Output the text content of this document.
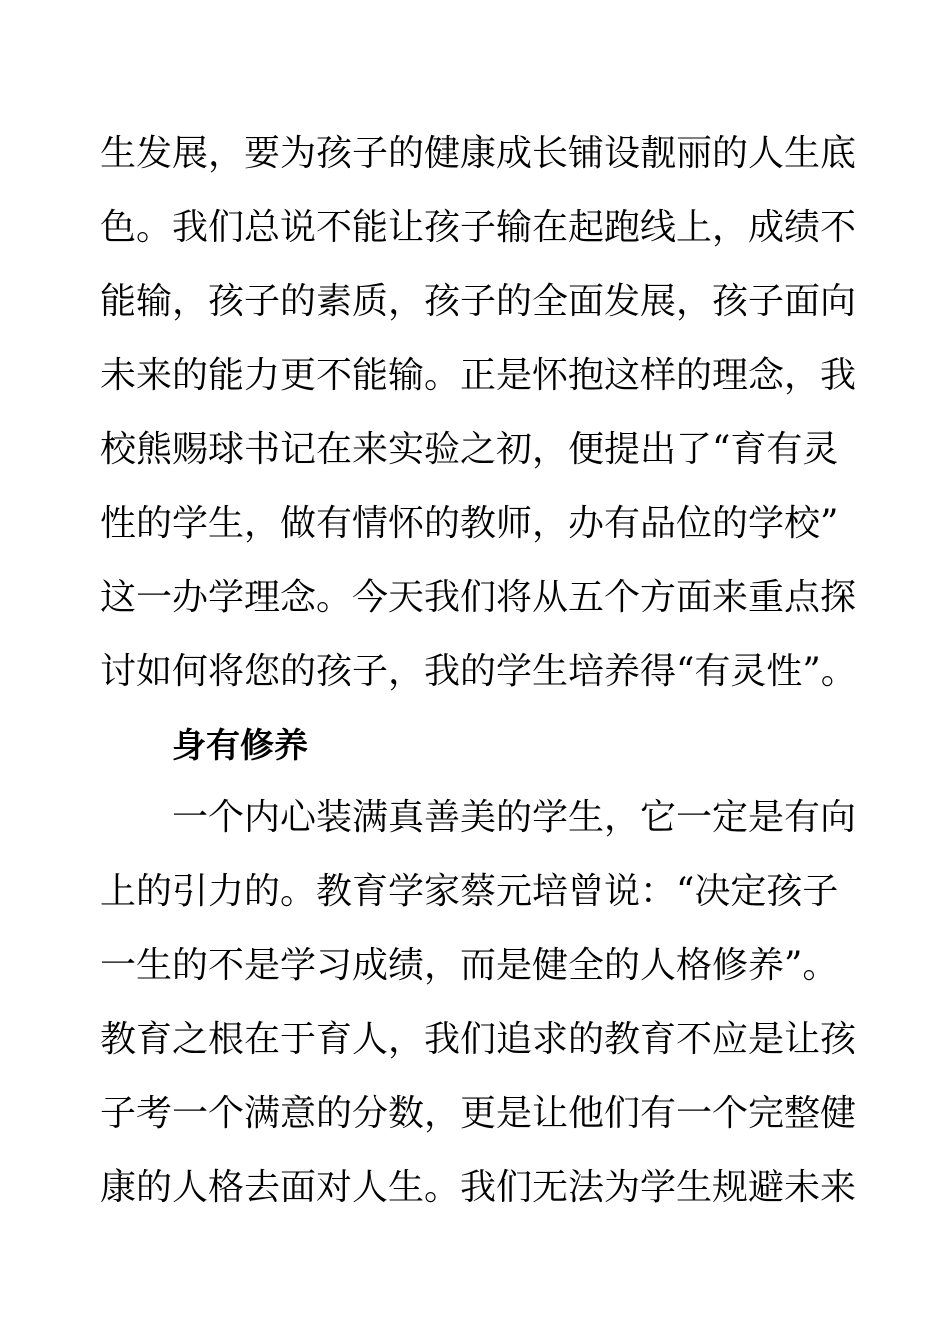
生发展，要为孩子的健康成长铺设靓丽的人生底
色。我们总说不能让孩子输在起跑线上，成绩不
能输，孩子的素质，孩子的全面发展，孩子面向
未来的能力更不能输。正是怀抱这样的理念，我
校熊赐球书记在来实验之初，便提出了“育有灵
性的学生，做有情怀的教师，办有品位的学校”
这一办学理念。今天我们将从五个方面来重点探
讨如何将您的孩子，我的学生培养得“有灵性”。
身有修养
　　一个内心装满真善美的学生，它一定是有向
上的引力的。教育学家蔡元培曾说：“决定孩子
一生的不是学习成绩，而是健全的人格修养”。
教育之根在于育人，我们追求的教育不应是让孩
子考一个满意的分数，更是让他们有一个完整健
康的人格去面对人生。我们无法为学生规避未来
